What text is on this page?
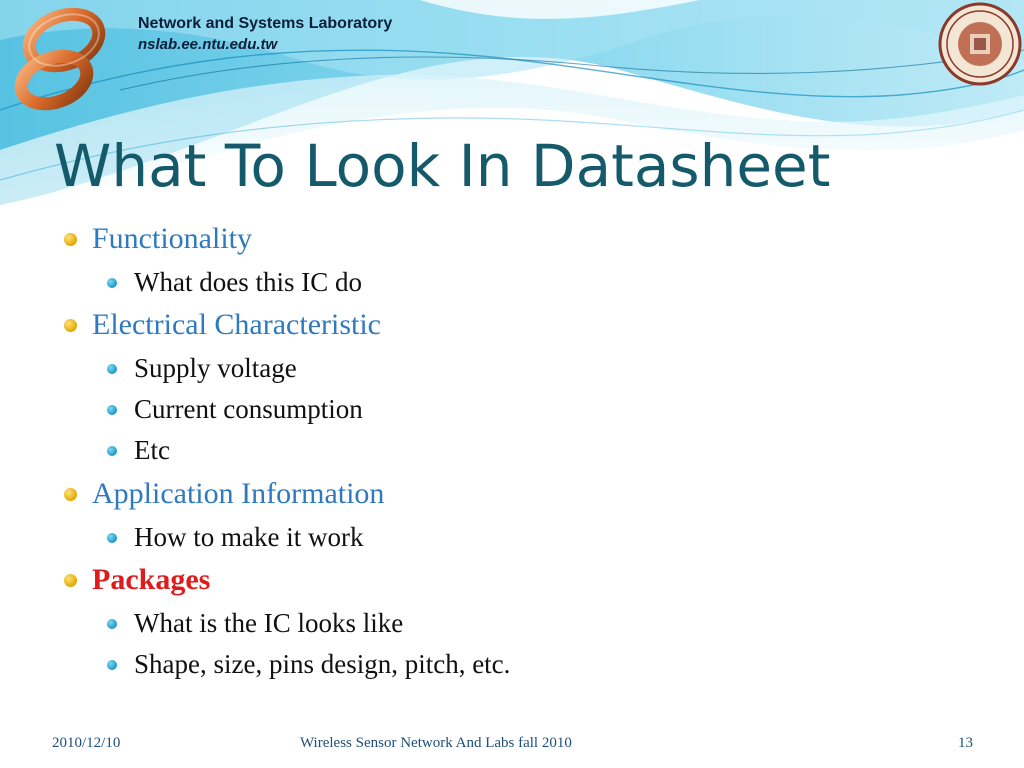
Network and Systems Laboratory
nslab.ee.ntu.edu.tw
What To Look In Datasheet
Functionality
What does this IC do
Electrical Characteristic
Supply voltage
Current consumption
Etc
Application Information
How to make it work
Packages
What is the IC looks like
Shape, size, pins design, pitch, etc.
2010/12/10	Wireless Sensor Network And Labs fall 2010	13
